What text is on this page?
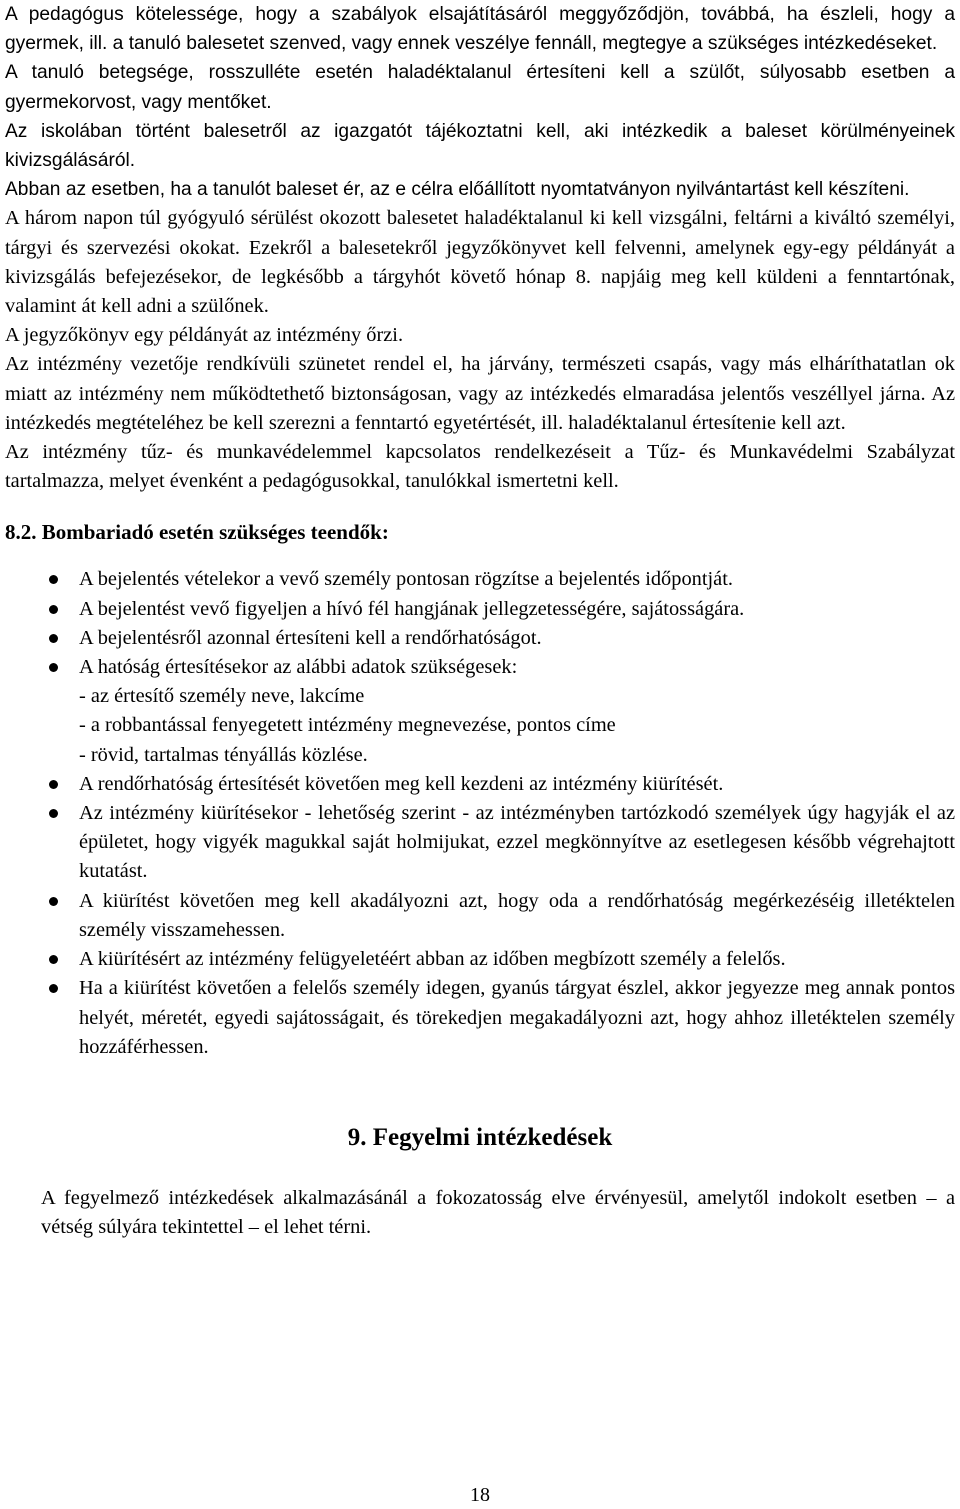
A pedagógus kötelessége, hogy a szabályok elsajátításáról meggyőződjön, továbbá, ha észleli, hogy a gyermek, ill. a tanuló balesetet szenved, vagy ennek veszélye fennáll, megtegye a szükséges intézkedéseket.

A tanuló betegsége, rosszulléte esetén haladéktalanul értesíteni kell a szülőt, súlyosabb esetben a gyermekorvost, vagy mentőket.

Az iskolában történt balesetről az igazgatót tájékoztatni kell, aki intézkedik a baleset körülményeinek kivizsgálásáról.

Abban az esetben, ha a tanulót baleset ér, az e célra előállított nyomtatványon nyilvántartást kell készíteni.

A három napon túl gyógyuló sérülést okozott balesetet haladéktalanul ki kell vizsgálni, feltárni a kiváltó személyi, tárgyi és szervezési okokat. Ezekről a balesetekről jegyzőkönyvet kell felvenni, amelynek egy-egy példányát a kivizsgálás befejezésekor, de legkésőbb a tárgyhót követő hónap 8. napjáig meg kell küldeni a fenntartónak, valamint át kell adni a szülőnek.

A jegyzőkönyv egy példányát az intézmény őrzi.

Az intézmény vezetője rendkívüli szünetet rendel el, ha járvány, természeti csapás, vagy más elháríthatatlan ok miatt az intézmény nem működtethető biztonságosan, vagy az intézkedés elmaradása jelentős veszéllyel járna. Az intézkedés megtételéhez be kell szerezni a fenntartó egyetértését, ill. haladéktalanul értesítenie kell azt.

Az intézmény tűz- és munkavédelemmel kapcsolatos rendelkezéseit a Tűz- és Munkavédelmi Szabályzat tartalmazza, melyet évenként a pedagógusokkal, tanulókkal ismertetni kell.

8.2. Bombariadó esetén szükséges teendők:
A bejelentés vételekor a vevő személy pontosan rögzítse a bejelentés időpontját.
A bejelentést vevő figyeljen a hívó fél hangjának jellegzetességére, sajátosságára.
A bejelentésről azonnal értesíteni kell a rendőrhatóságot.
A hatóság értesítésekor az alábbi adatok szükségesek:
- az értesítő személy neve, lakcíme
- a robbantással fenyegetett intézmény megnevezése, pontos címe
- rövid, tartalmas tényállás közlése.
A rendőrhatóság értesítését követően meg kell kezdeni az intézmény kiürítését.
Az intézmény kiürítésekor - lehetőség szerint - az intézményben tartózkodó személyek úgy hagyják el az épületet, hogy vigyék magukkal saját holmijukat, ezzel megkönnyítve az esetlegesen később végrehajtott kutatást.
A kiürítést követően meg kell akadályozni azt, hogy oda a rendőrhatóság megérkezéséig illetéktelen személy visszamehessen.
A kiürítésért az intézmény felügyeletéért abban az időben megbízott személy a felelős.
Ha a kiürítést követően a felelős személy idegen, gyanús tárgyat észlel, akkor jegyezze meg annak pontos helyét, méretét, egyedi sajátosságait, és törekedjen megakadályozni azt, hogy ahhoz illetéktelen személy hozzáférhessen.
9. Fegyelmi intézkedések

A fegyelmező intézkedések alkalmazásánál a fokozatosság elve érvényesül, amelytől indokolt esetben – a vétség súlyára tekintettel – el lehet térni.

18
